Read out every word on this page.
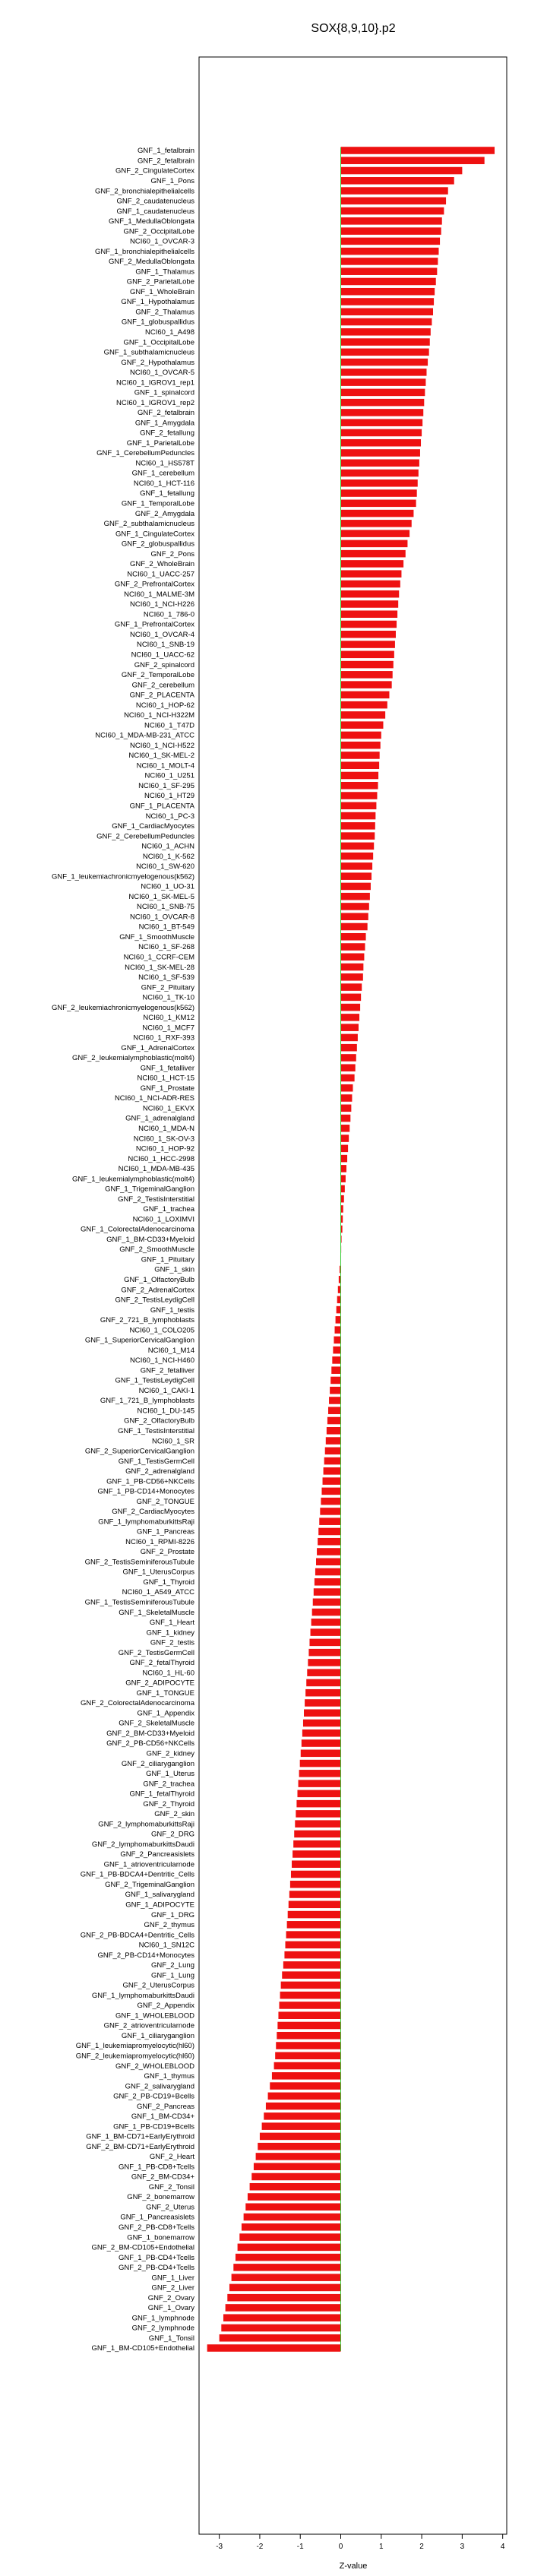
SOX{8,9,10}.p2
GNF_1_fetalbrain
GNF_2_fetalbrain
GNF_2_CingulateCortex
GNF_1_Pons
GNF_2_bronchialepithelialcells
GNF_2_caudatenucleus
GNF_1_caudatenucleus
GNF_1_MedullaOblongata
GNF_2_OccipitalLobe
NCI60_1_OVCAR-3
GNF_1_bronchialepithelialcells
GNF_2_MedullaOblongata
GNF_1_Thalamus
GNF_2_ParietalLobe
GNF_1_WholeBrain
GNF_1_Hypothalamus
GNF_2_Thalamus
GNF_1_globuspallidus
NCI60_1_A498
GNF_1_OccipitalLobe
GNF_1_subthalamicnucleus
GNF_2_Hypothalamus
NCI60_1_OVCAR-5
NCI60_1_IGROV1_rep1
GNF_1_spinalcord
NCI60_1_IGROV1_rep2
GNF_2_fetalbrain
GNF_1_Amygdala
GNF_2_fetallung
GNF_1_ParietalLobe
GNF_1_CerebellumPeduncles
NCI60_1_HS578T
GNF_1_cerebellum
NCI60_1_HCT-116
GNF_1_fetallung
GNF_1_TemporalLobe
GNF_2_Amygdala
GNF_2_subthalamicnucleus
GNF_1_CingulateCortex
GNF_2_globuspallidus
GNF_2_Pons
GNF_2_WholeBrain
NCI60_1_UACC-257
GNF_2_PrefrontalCortex
NCI60_1_MALME-3M
NCI60_1_NCI-H226
NCI60_1_786-0
GNF_1_PrefrontalCortex
NCI60_1_OVCAR-4
NCI60_1_SNB-19
NCI60_1_UACC-62
GNF_2_spinalcord
GNF_2_TemporalLobe
GNF_2_cerebellum
GNF_2_PLACENTA
NCI60_1_HOP-62
NCI60_1_NCI-H322M
NCI60_1_T47D
NCI60_1_MDA-MB-231_ATCC
NCI60_1_NCI-H522
NCI60_1_SK-MEL-2
NCI60_1_MOLT-4
NCI60_1_U251
NCI60_1_SF-295
NCI60_1_HT29
GNF_1_PLACENTA
NCI60_1_PC-3
GNF_1_CardiacMyocytes
GNF_2_CerebellumPeduncles
NCI60_1_ACHN
NCI60_1_K-562
NCI60_1_SW-620
GNF_1_leukemiachronicmyelogenous(k562)
NCI60_1_UO-31
NCI60_1_SK-MEL-5
NCI60_1_SNB-75
NCI60_1_OVCAR-8
NCI60_1_BT-549
GNF_1_SmoothMuscle
NCI60_1_SF-268
NCI60_1_CCRF-CEM
NCI60_1_SK-MEL-28
NCI60_1_SF-539
GNF_2_Pituitary
NCI60_1_TK-10
GNF_2_leukemiachronicmyelogenous(k562)
NCI60_1_KM12
NCI60_1_MCF7
NCI60_1_RXF-393
GNF_1_AdrenalCortex
GNF_2_leukemialymphoblastic(molt4)
GNF_1_fetalliver
NCI60_1_HCT-15
GNF_1_Prostate
NCI60_1_NCI-ADR-RES
NCI60_1_EKVX
GNF_1_adrenalgland
NCI60_1_MDA-N
NCI60_1_SK-OV-3
NCI60_1_HOP-92
NCI60_1_HCC-2998
NCI60_1_MDA-MB-435
GNF_1_leukemialymphoblastic(molt4)
GNF_1_TrigeminalGanglion
GNF_2_TestisInterstitial
GNF_1_trachea
NCI60_1_LOXIMVI
GNF_1_ColorectalAdenocarcinoma
GNF_1_BM-CD33+Myeloid
GNF_2_SmoothMuscle
GNF_1_Pituitary
GNF_1_skin
GNF_1_OlfactoryBulb
GNF_2_AdrenalCortex
GNF_2_TestisLeydigCell
GNF_1_testis
GNF_2_721_B_lymphoblasts
NCI60_1_COLO205
GNF_1_SuperiorCervicalGanglion
NCI60_1_M14
NCI60_1_NCI-H460
GNF_2_fetalliver
GNF_1_TestisLeydigCell
NCI60_1_CAKI-1
GNF_1_721_B_lymphoblasts
NCI60_1_DU-145
GNF_2_OlfactoryBulb
GNF_1_TestisInterstitial
NCI60_1_SR
GNF_2_SuperiorCervicalGanglion
GNF_1_TestisGermCell
GNF_2_adrenalgland
GNF_1_PB-CD56+NKCells
GNF_1_PB-CD14+Monocytes
GNF_2_TONGUE
GNF_2_CardiacMyocytes
GNF_1_lymphomaburkittsRaji
GNF_1_Pancreas
NCI60_1_RPMI-8226
GNF_2_Prostate
GNF_2_TestisSeminiferousTubule
GNF_1_UterusCorpus
GNF_1_Thyroid
NCI60_1_A549_ATCC
GNF_1_TestisSeminiferousTubule
GNF_1_SkeletalMuscle
GNF_1_Heart
GNF_1_kidney
GNF_2_testis
GNF_2_TestisGermCell
GNF_2_fetalThyroid
NCI60_1_HL-60
GNF_2_ADIPOCYTE
GNF_1_TONGUE
GNF_2_ColorectalAdenocarcinoma
GNF_1_Appendix
GNF_2_SkeletalMuscle
GNF_2_BM-CD33+Myeloid
GNF_2_PB-CD56+NKCells
GNF_2_kidney
GNF_2_ciliaryganglion
GNF_1_Uterus
GNF_2_trachea
GNF_1_fetalThyroid
GNF_2_Thyroid
GNF_2_skin
GNF_2_lymphomaburkittsRaji
GNF_2_DRG
GNF_2_lymphomaburkittsDaudi
GNF_2_Pancreasislets
GNF_1_atrioventricularnode
GNF_1_PB-BDCA4+Dentritic_Cells
GNF_2_TrigeminalGanglion
GNF_1_salivarygland
GNF_1_ADIPOCYTE
GNF_1_DRG
GNF_2_thymus
GNF_2_PB-BDCA4+Dentritic_Cells
NCI60_1_SN12C
GNF_2_PB-CD14+Monocytes
GNF_2_Lung
GNF_1_Lung
GNF_2_UterusCorpus
GNF_1_lymphomaburkittsDaudi
GNF_2_Appendix
GNF_1_WHOLEBLOOD
GNF_2_atrioventricularnode
GNF_1_ciliaryganglion
GNF_1_leukemiapromyelocytic(hl60)
GNF_2_leukemiapromyelocytic(hl60)
GNF_2_WHOLEBLOOD
GNF_1_thymus
GNF_2_salivarygland
GNF_2_PB-CD19+Bcells
GNF_2_Pancreas
GNF_1_BM-CD34+
GNF_1_PB-CD19+Bcells
GNF_1_BM-CD71+EarlyErythroid
GNF_2_BM-CD71+EarlyErythroid
GNF_2_Heart
GNF_1_PB-CD8+Tcells
GNF_2_BM-CD34+
GNF_2_Tonsil
GNF_2_bonemarrow
GNF_2_Uterus
GNF_1_Pancreasislets
GNF_2_PB-CD8+Tcells
GNF_1_bonemarrow
GNF_2_BM-CD105+Endothelial
GNF_1_PB-CD4+Tcells
GNF_2_PB-CD4+Tcells
GNF_1_Liver
GNF_2_Liver
GNF_2_Ovary
GNF_1_Ovary
GNF_1_lymphnode
GNF_2_lymphnode
GNF_1_Tonsil
GNF_1_BM-CD105+Endothelial
-3	-2	-1	0	1	2	3	4
Z-value
